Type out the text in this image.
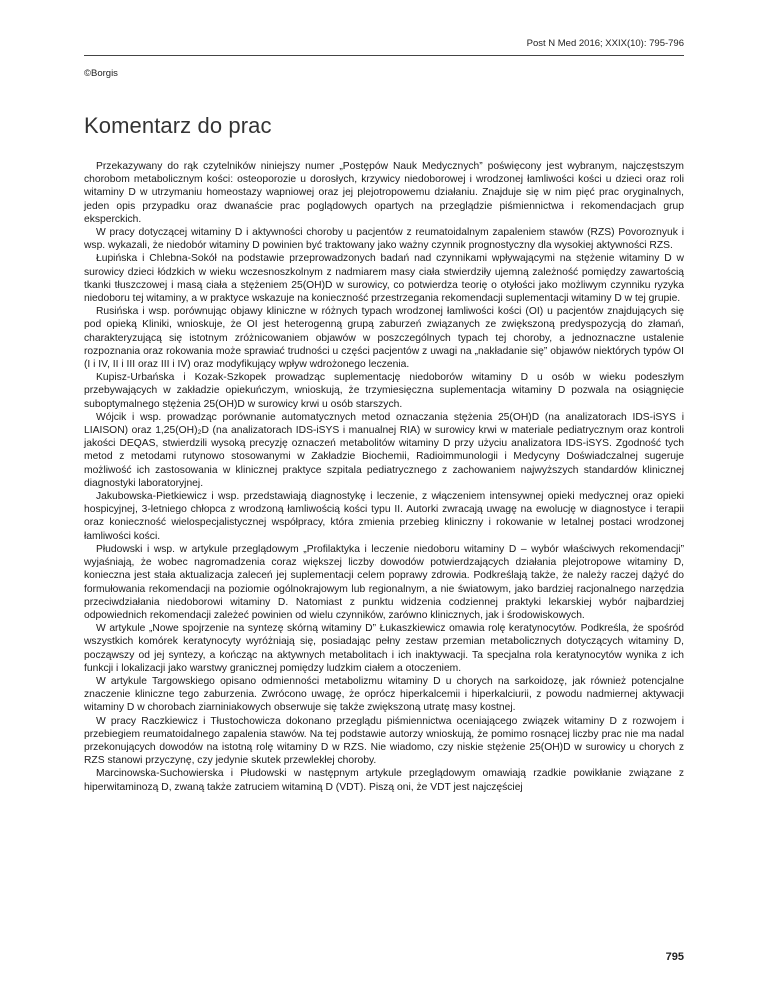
Post N Med 2016; XXIX(10): 795-796
©Borgis
Komentarz do prac

Przekazywany do rąk czytelników niniejszy numer „Postępów Nauk Medycznych” poświęcony jest wybranym, najczęstszym chorobom metabolicznym kości: osteoporozie u dorosłych, krzywicy niedoborowej i wrodzonej łamliwości kości u dzieci oraz roli witaminy D w utrzymaniu homeostazy wapniowej oraz jej plejotropowemu działaniu. Znajduje się w nim pięć prac oryginalnych, jeden opis przypadku oraz dwanaście prac poglądowych opartych na przeglądzie piśmiennictwa i rekomendacjach grup eksperckich.

W pracy dotyczącej witaminy D i aktywności choroby u pacjentów z reumatoidalnym zapaleniem stawów (RZS) Povoroznyuk i wsp. wykazali, że niedobór witaminy D powinien być traktowany jako ważny czynnik prognostyczny dla wysokiej aktywności RZS.

Łupińska i Chlebna-Sokół na podstawie przeprowadzonych badań nad czynnikami wpływającymi na stężenie witaminy D w surowicy dzieci łódzkich w wieku wczesnoszkolnym z nadmiarem masy ciała stwierdziły ujemną zależność pomiędzy zawartością tkanki tłuszczowej i masą ciała a stężeniem 25(OH)D w surowicy, co potwierdza teorię o otyłości jako możliwym czynniku ryzyka niedoboru tej witaminy, a w praktyce wskazuje na konieczność przestrzegania rekomendacji suplementacji witaminy D w tej grupie.

Rusińska i wsp. porównując objawy kliniczne w różnych typach wrodzonej łamliwości kości (OI) u pacjentów znajdujących się pod opieką Kliniki, wnioskuje, że OI jest heterogenną grupą zaburzeń związanych ze zwiększoną predyspozycją do złamań, charakteryzującą się istotnym zróżnicowaniem objawów w poszczególnych typach tej choroby, a jednoznaczne ustalenie rozpoznania oraz rokowania może sprawiać trudności u części pacjentów z uwagi na „nakładanie się” objawów niektórych typów OI (I i IV, II i III oraz III i IV) oraz modyfikujący wpływ wdrożonego leczenia.

Kupisz-Urbańska i Kozak-Szkopek prowadząc suplementację niedoborów witaminy D u osób w wieku podeszłym przebywających w zakładzie opiekuńczym, wnioskują, że trzymiesięczna suplementacja witaminy D pozwala na osiągnięcie suboptymalnego stężenia 25(OH)D w surowicy krwi u osób starszych.

Wójcik i wsp. prowadząc porównanie automatycznych metod oznaczania stężenia 25(OH)D (na analizatorach IDS-iSYS i LIAISON) oraz 1,25(OH)₂D (na analizatorach IDS-iSYS i manualnej RIA) w surowicy krwi w materiale pediatrycznym oraz kontroli jakości DEQAS, stwierdzili wysoką precyzję oznaczeń metabolitów witaminy D przy użyciu analizatora IDS-iSYS. Zgodność tych metod z metodami rutynowo stosowanymi w Zakładzie Biochemii, Radioimmunologii i Medycyny Doświadczalnej sugeruje możliwość ich zastosowania w klinicznej praktyce szpitala pediatrycznego z zachowaniem najwyższych standardów klinicznej diagnostyki laboratoryjnej.

Jakubowska-Pietkiewicz i wsp. przedstawiają diagnostykę i leczenie, z włączeniem intensywnej opieki medycznej oraz opieki hospicyjnej, 3-letniego chłopca z wrodzoną łamliwością kości typu II. Autorki zwracają uwagę na ewolucję w diagnostyce i terapii oraz konieczność wielospecjalistycznej współpracy, która zmienia przebieg kliniczny i rokowanie w letalnej postaci wrodzonej łamliwości kości.

Płudowski i wsp. w artykule przeglądowym „Profilaktyka i leczenie niedoboru witaminy D – wybór właściwych rekomendacji” wyjaśniają, że wobec nagromadzenia coraz większej liczby dowodów potwierdzających działania plejotropowe witaminy D, konieczna jest stała aktualizacja zaleceń jej suplementacji celem poprawy zdrowia. Podkreślają także, że należy raczej dążyć do formułowania rekomendacji na poziomie ogólnokrajowym lub regionalnym, a nie światowym, jako bardziej racjonalnego narzędzia przeciwdziałania niedoborowi witaminy D. Natomiast z punktu widzenia codziennej praktyki lekarskiej wybór najbardziej odpowiednich rekomendacji zależeć powinien od wielu czynników, zarówno klinicznych, jak i środowiskowych.

W artykule „Nowe spojrzenie na syntezę skórną witaminy D” Łukaszkiewicz omawia rolę keratynocytów. Podkreśla, że spośród wszystkich komórek keratynocyty wyróżniają się, posiadając pełny zestaw przemian metabolicznych dotyczących witaminy D, począwszy od jej syntezy, a kończąc na aktywnych metabolitach i ich inaktywacji. Ta specjalna rola keratynocytów wynika z ich funkcji i lokalizacji jako warstwy granicznej pomiędzy ludzkim ciałem a otoczeniem.

W artykule Targowskiego opisano odmienności metabolizmu witaminy D u chorych na sarkoidozę, jak również potencjalne znaczenie kliniczne tego zaburzenia. Zwrócono uwagę, że oprócz hiperkalcemii i hiperkalciurii, z powodu nadmiernej aktywacji witaminy D w chorobach ziarniniakowych obserwuje się także zwiększoną utratę masy kostnej.

W pracy Raczkiewicz i Tłustochowicza dokonano przeglądu piśmiennictwa oceniającego związek witaminy D z rozwojem i przebiegiem reumatoidalnego zapalenia stawów. Na tej podstawie autorzy wnioskują, że pomimo rosnącej liczby prac nie ma nadal przekonujących dowodów na istotną rolę witaminy D w RZS. Nie wiadomo, czy niskie stężenie 25(OH)D w surowicy u chorych z RZS stanowi przyczynę, czy jedynie skutek przewlekłej choroby.

Marcinowska-Suchowierska i Płudowski w następnym artykule przeglądowym omawiają rzadkie powikłanie związane z hiperwitaminozą D, zwaną także zatruciem witaminą D (VDT). Piszą oni, że VDT jest najczęściej

795
